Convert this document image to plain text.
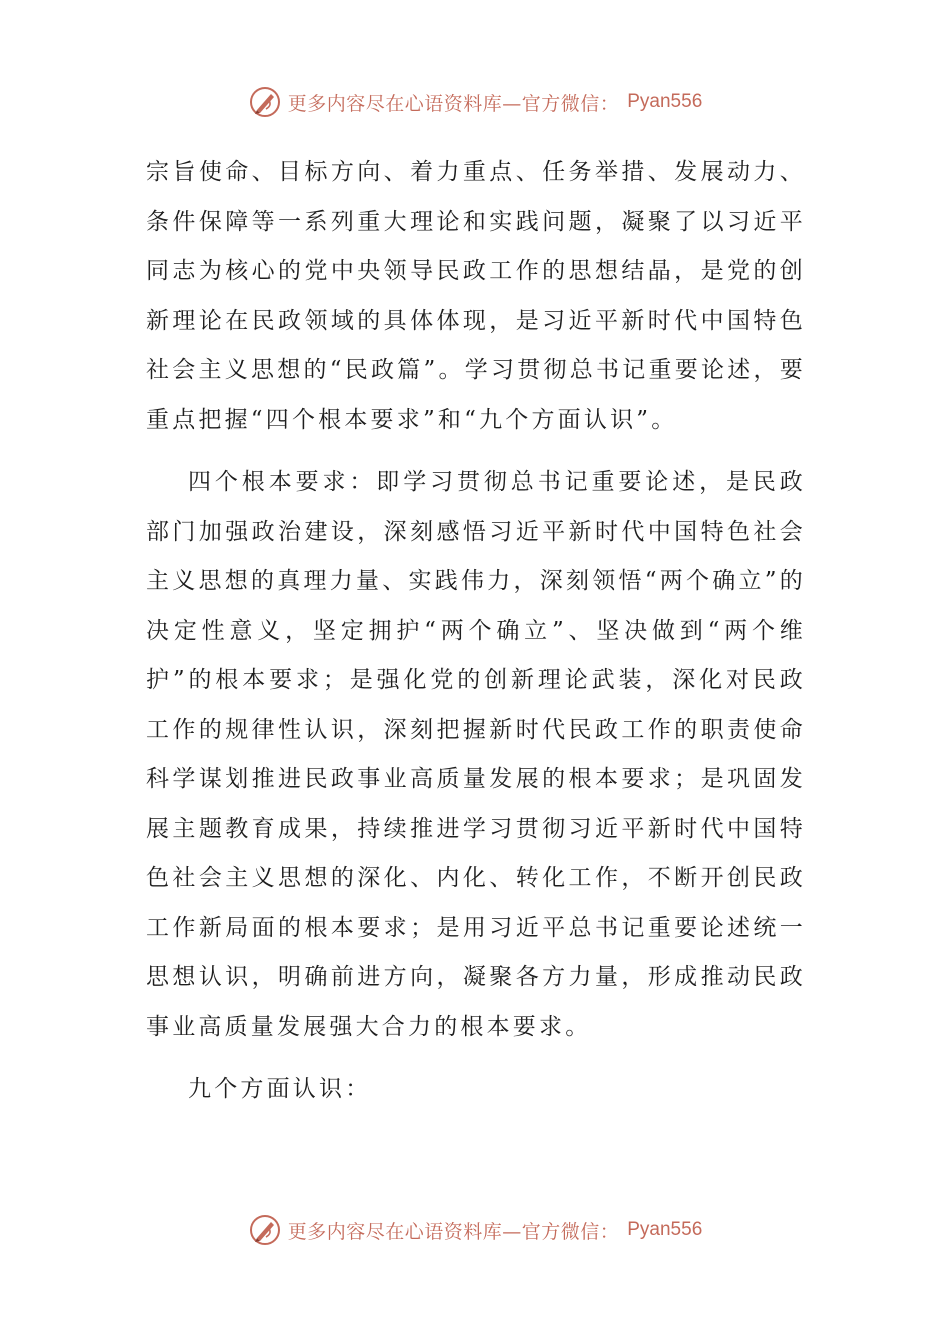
更多内容尽在心语资料库—官方微信： Pyan556

宗旨使命、目标方向、着力重点、任务举措、发展动力、条件保障等一系列重大理论和实践问题，凝聚了以习近平同志为核心的党中央领导民政工作的思想结晶，是党的创新理论在民政领域的具体体现，是习近平新时代中国特色社会主义思想的“民政篇”。学习贯彻总书记重要论述，要重点把握“四个根本要求”和“九个方面认识”。

四个根本要求：即学习贯彻总书记重要论述，是民政部门加强政治建设，深刻感悟习近平新时代中国特色社会主义思想的真理力量、实践伟力，深刻领悟“两个确立”的决定性意义，坚定拥护“两个确立”、坚决做到“两个维护”的根本要求；是强化党的创新理论武装，深化对民政工作的规律性认识，深刻把握新时代民政工作的职责使命科学谋划推进民政事业高质量发展的根本要求；是巩固发展主题教育成果，持续推进学习贯彻习近平新时代中国特色社会主义思想的深化、内化、转化工作，不断开创民政工作新局面的根本要求；是用习近平总书记重要论述统一思想认识，明确前进方向，凝聚各方力量，形成推动民政事业高质量发展强大合力的根本要求。

九个方面认识：

更多内容尽在心语资料库—官方微信： Pyan556
